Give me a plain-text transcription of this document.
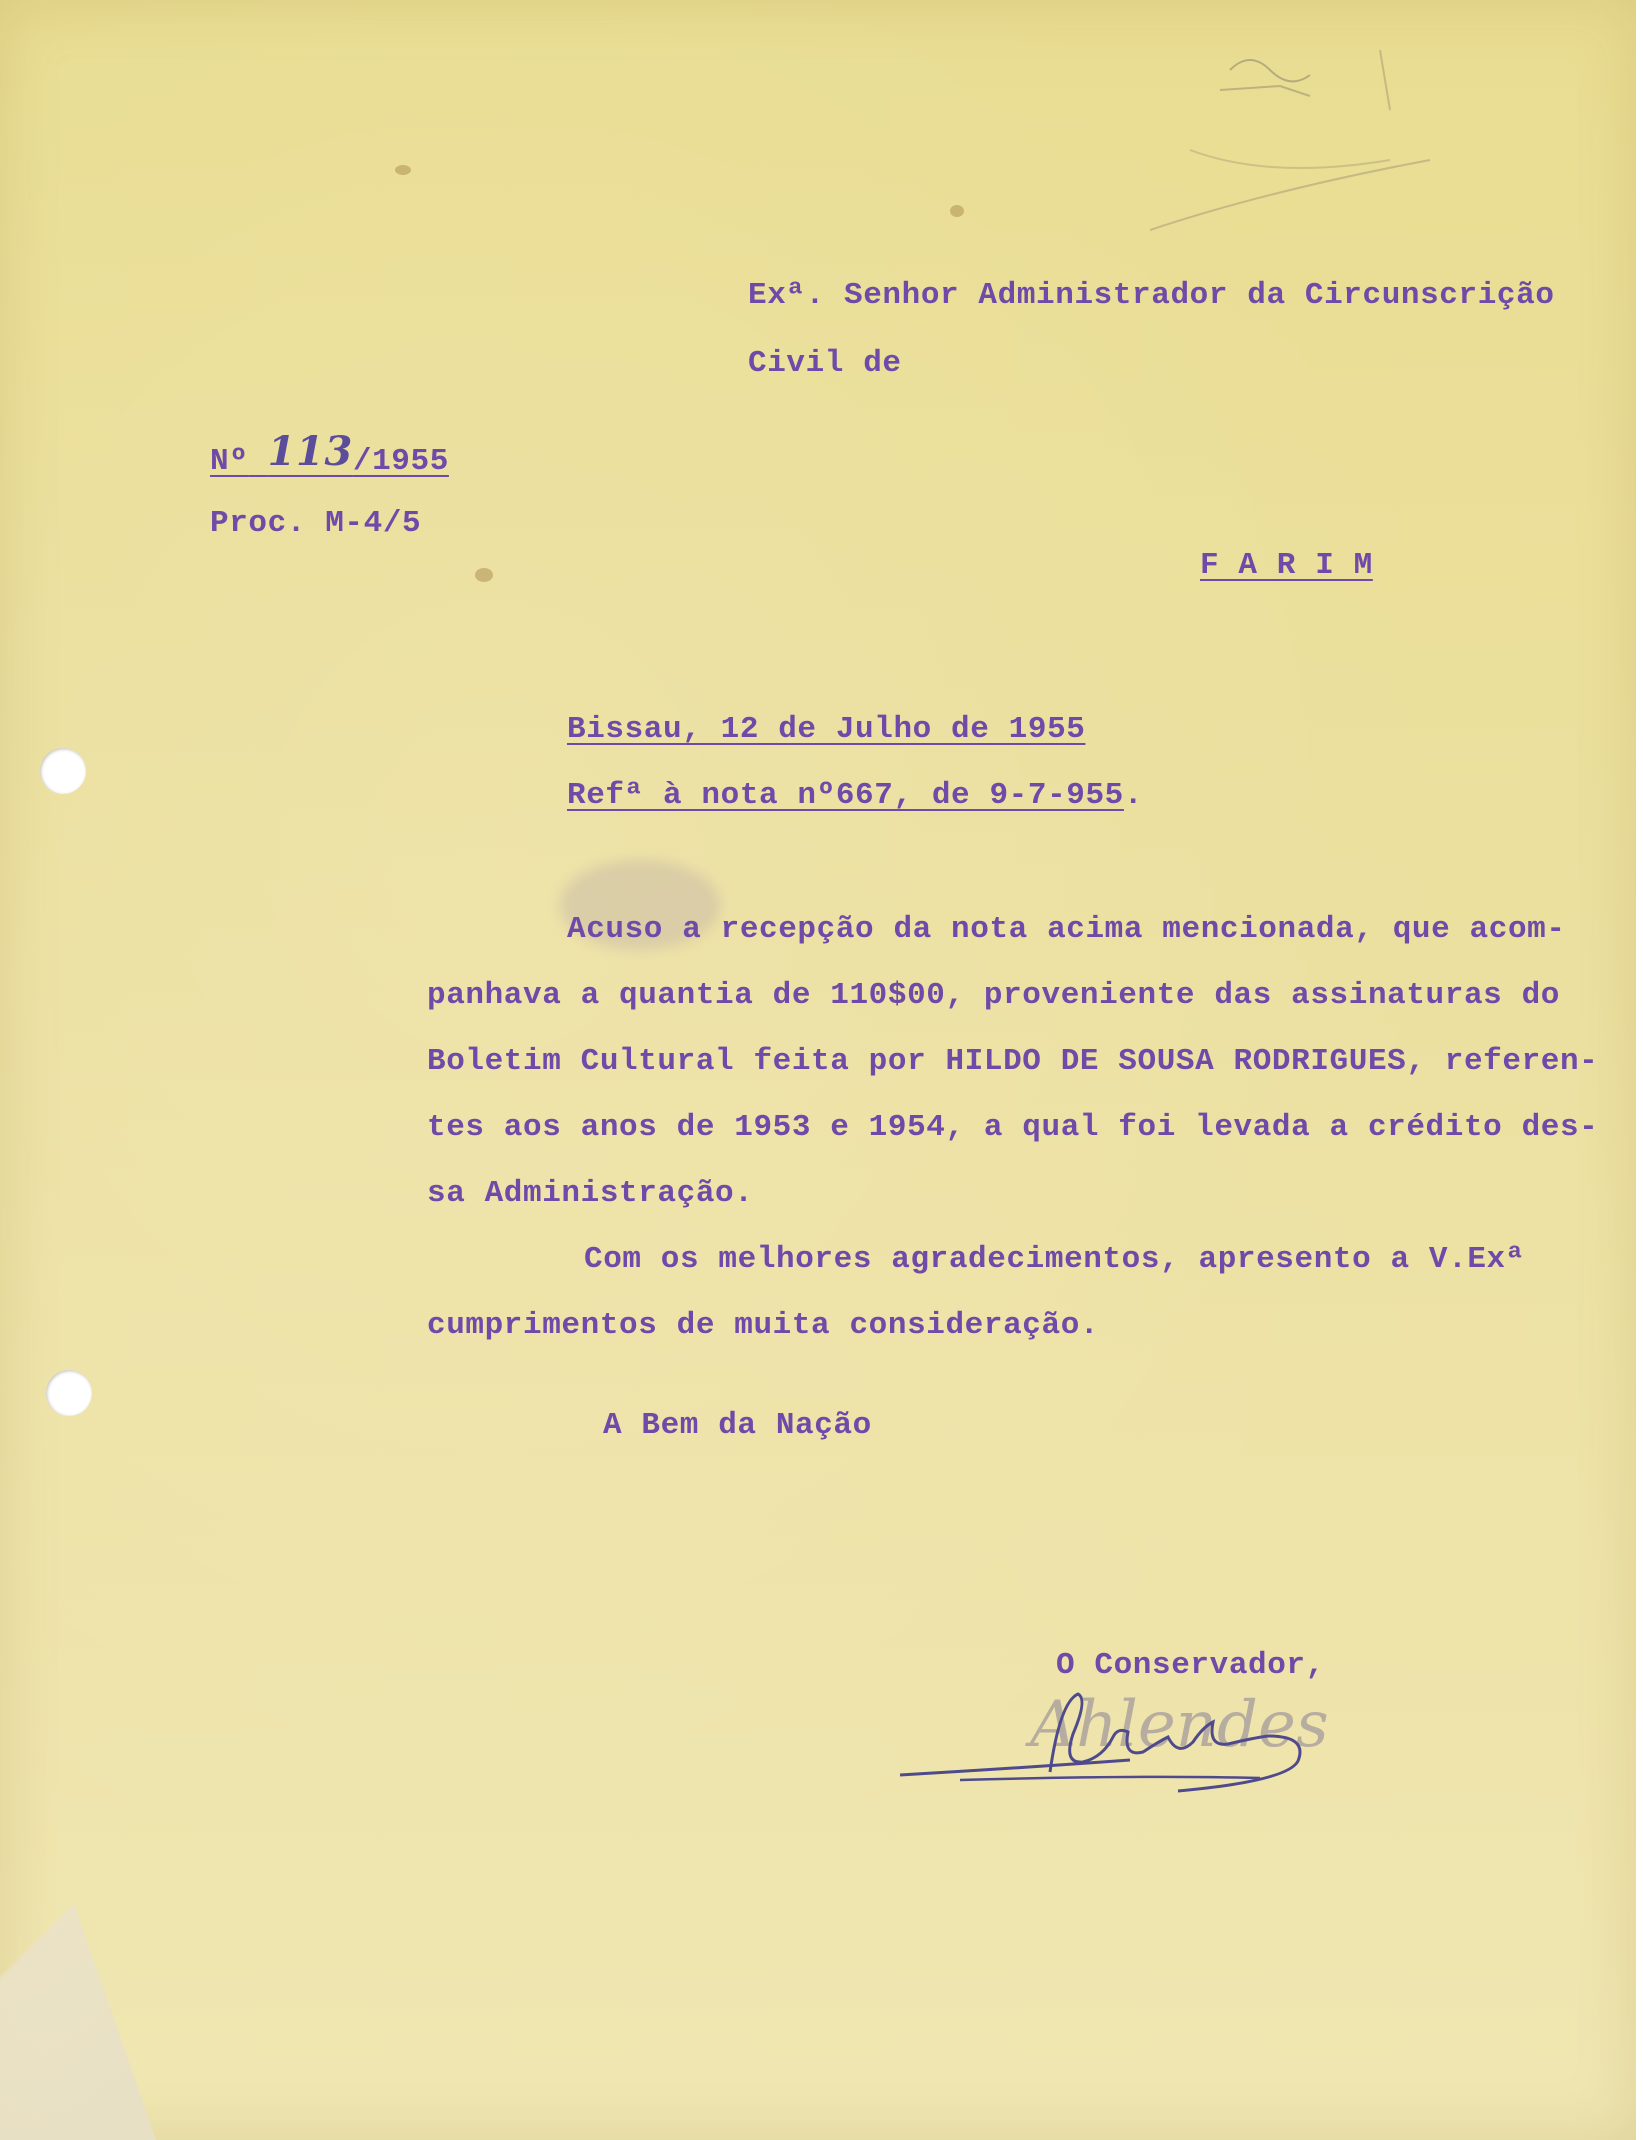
Exª. Senhor Administrador da Circunscrição
Civil de
Nº 113/1955
Proc. M-4/5
F A R I M
Bissau, 12 de Julho de 1955
Refª à nota nº667, de 9-7-955.
Acuso a recepção da nota acima mencionada, que acom-
panhava a quantia de 110$00, proveniente das assinaturas do
Boletim Cultural feita por HILDO DE SOUSA RODRIGUES, referen-
tes aos anos de 1953 e 1954, a qual foi levada a crédito des-
sa Administração.
Com os melhores agradecimentos, apresento a V.Exª
cumprimentos de muita consideração.
A Bem da Nação
O Conservador,
Ahlendes
